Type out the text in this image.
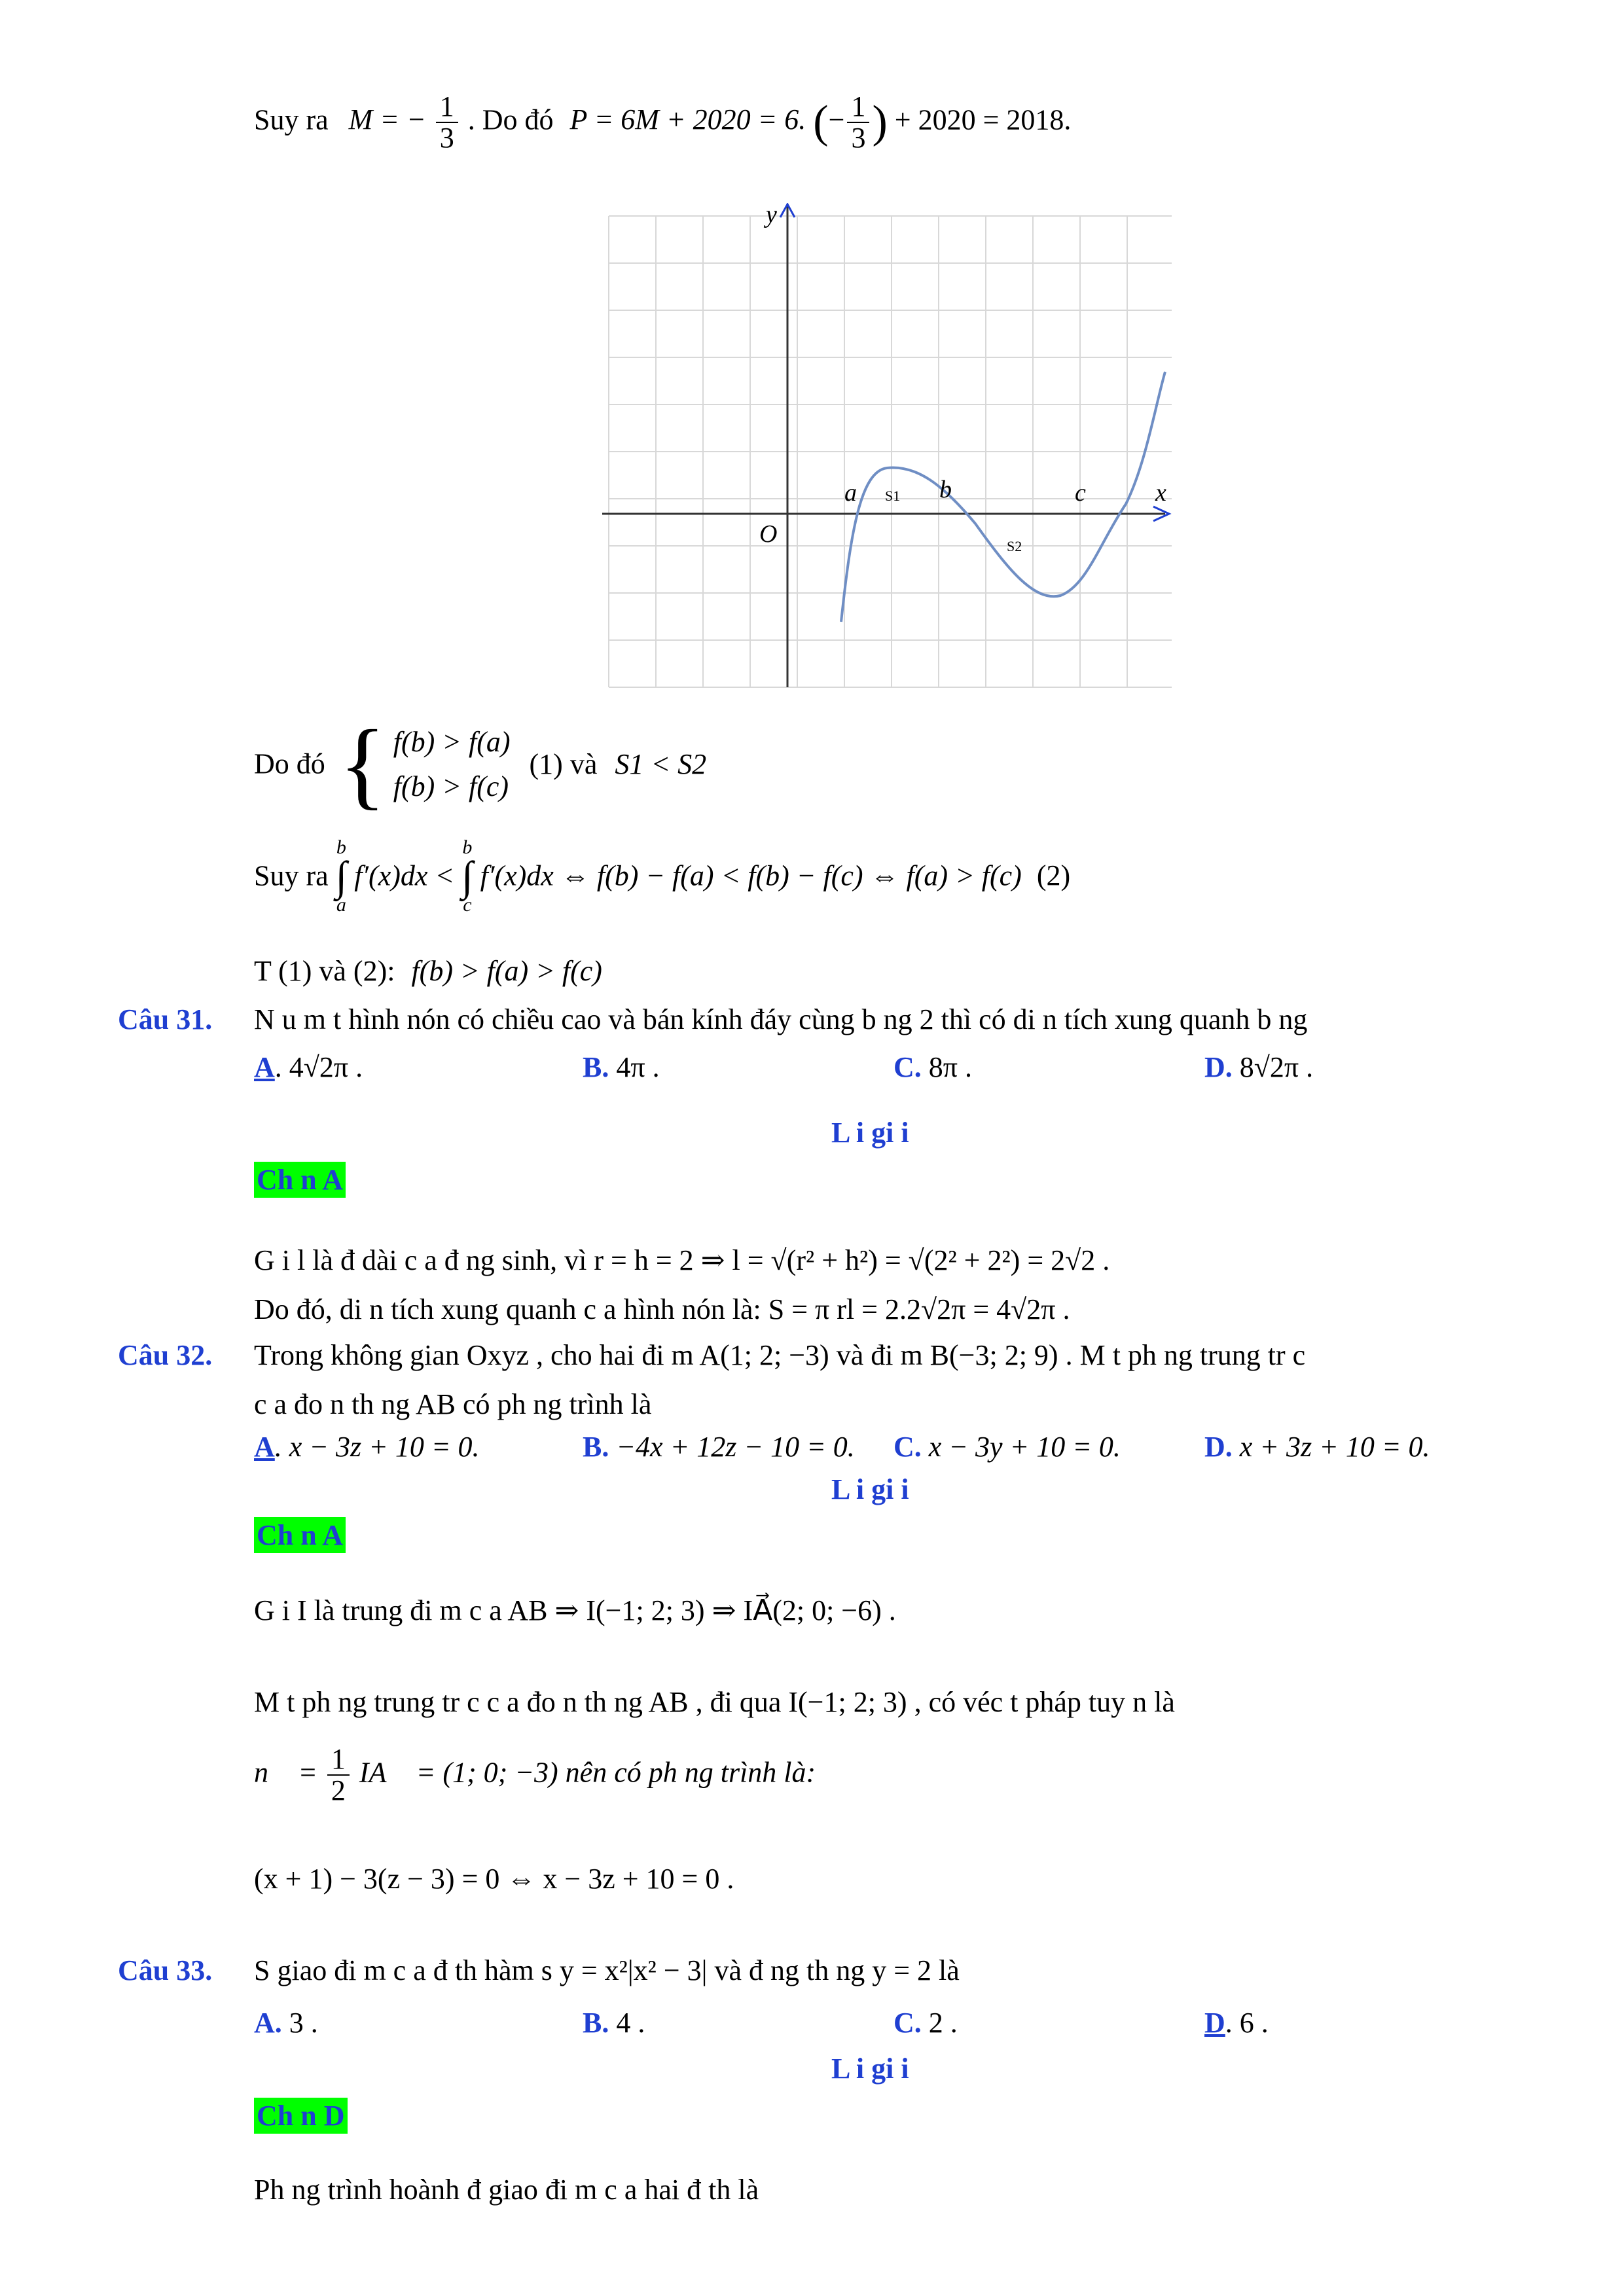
Suy ra M = − $\frac{1}{3}$ . Do đó P = 6M + 2020 = 6. (− $\frac{1}{3}$ ) + 2020 = 2018.
y
x
O
a	b	c
S1
S2
Do đó { f(b) > f(a)
f(b) > f(c) (1) và S1 < S2
Suy ra b
∫
a f′(x)dx < b
∫
c f′(x)dx ⇔ f(b) − f(a) < f(b) − f(c) ⇔ f(a) > f(c) (2)
T (1) và (2): f(b) > f(a) > f(c)
Câu 31. N u m t hình nón có chiều cao và bán kính đáy cùng b ng 2 thì có di n tích xung quanh b ng
A. 4√2π .	B. 4π .	C. 8π .	D. 8√2π .
L i gi i
Ch n A
G i l là đ dài c a đ ng sinh, vì r = h = 2 ⇒ l = √(r² + h²) = √(2² + 2²) = 2√2 .
Do đó, di n tích xung quanh c a hình nón là: S = π rl = 2.2√2π = 4√2π .
Câu 32. Trong không gian Oxyz , cho hai đi m A(1; 2; −3) và đi m B(−3; 2; 9) . M t ph ng trung tr c
c a đo n th ng AB có ph ng trình là
A. x − 3z + 10 = 0.	B. −4x + 12z − 10 = 0. C. x − 3y + 10 = 0.	D. x + 3z + 10 = 0.
L i gi i
Ch n A
G i I là trung đi m c a AB ⇒ I(−1; 2; 3) ⇒ IA⃗(2; 0; −6) .
M t ph ng trung tr c c a đo n th ng AB , đi qua I(−1; 2; 3) , có véc t pháp tuy n là
n⃗ = $\frac{1}{2}$ IA⃗ = (1; 0; −3) nên có ph ng trình là:
(x + 1) − 3(z − 3) = 0 ⇔ x − 3z + 10 = 0 .
Câu 33. S giao đi m c a đ th hàm s y = x²|x² − 3| và đ ng th ng y = 2 là
A. 3 .	B. 4 .	C. 2 .	D. 6 .
L i gi i
Ch n D
Ph ng trình hoành đ giao đi m c a hai đ th là
